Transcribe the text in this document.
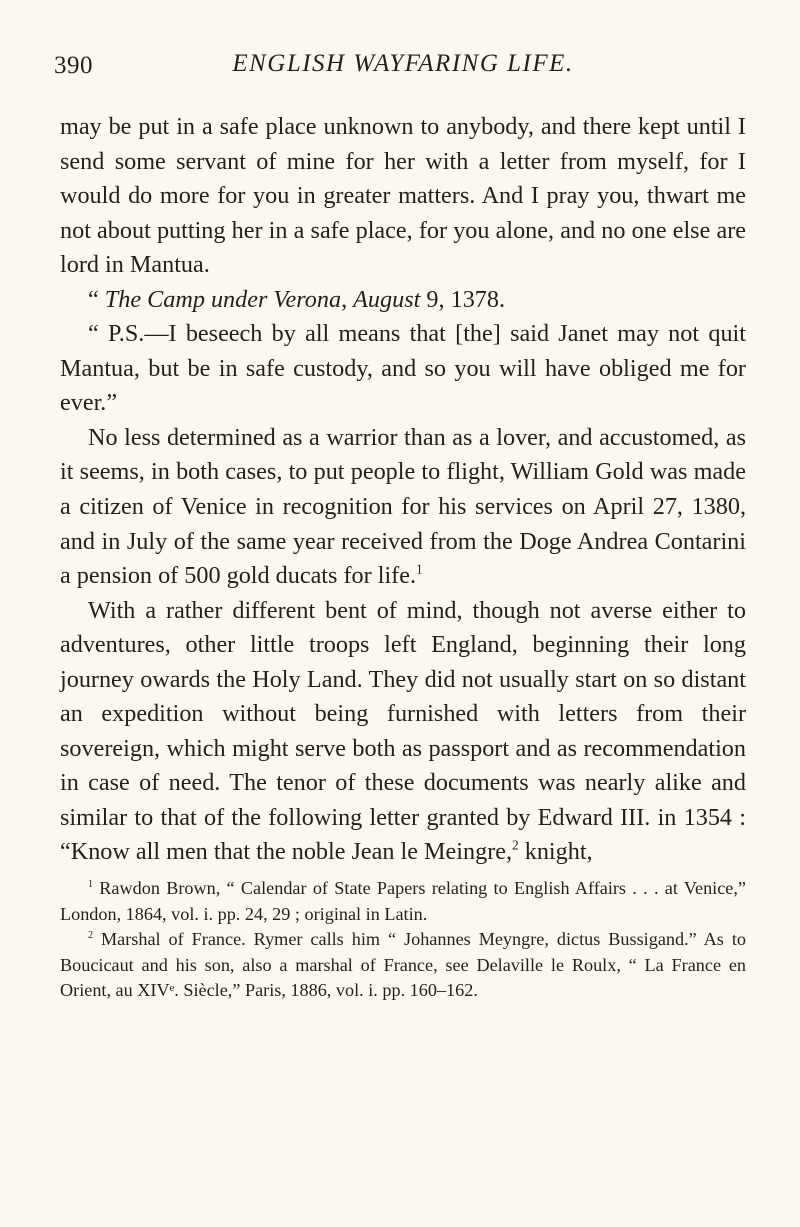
390	ENGLISH WAYFARING LIFE.

may be put in a safe place unknown to anybody, and there kept until I send some servant of mine for her with a letter from myself, for I would do more for you in greater matters. And I pray you, thwart me not about putting her in a safe place, for you alone, and no one else are lord in Mantua.

“ The Camp under Verona, August 9, 1378.

“ P.S.—I beseech by all means that [the] said Janet may not quit Mantua, but be in safe custody, and so you will have obliged me for ever.”

No less determined as a warrior than as a lover, and accustomed, as it seems, in both cases, to put people to flight, William Gold was made a citizen of Venice in recognition for his services on April 27, 1380, and in July of the same year received from the Doge Andrea Contarini a pension of 500 gold ducats for life.$^1$

With a rather different bent of mind, though not averse either to adventures, other little troops left England, beginning their long journey owards the Holy Land. They did not usually start on so distant an expedition without being furnished with letters from their sovereign, which might serve both as passport and as recommendation in case of need. The tenor of these documents was nearly alike and similar to that of the following letter granted by Edward III. in 1354 : “Know all men that the noble Jean le Meingre,$^2$ knight,

$^1$ Rawdon Brown, “ Calendar of State Papers relating to English Affairs . . . at Venice,” London, 1864, vol. i. pp. 24, 29 ; original in Latin.

$^2$ Marshal of France. Rymer calls him “ Johannes Meyngre, dictus Bussigand.” As to Boucicaut and his son, also a marshal of France, see Delaville le Roulx, “ La France en Orient, au XIVᵉ. Siècle,” Paris, 1886, vol. i. pp. 160–162.
